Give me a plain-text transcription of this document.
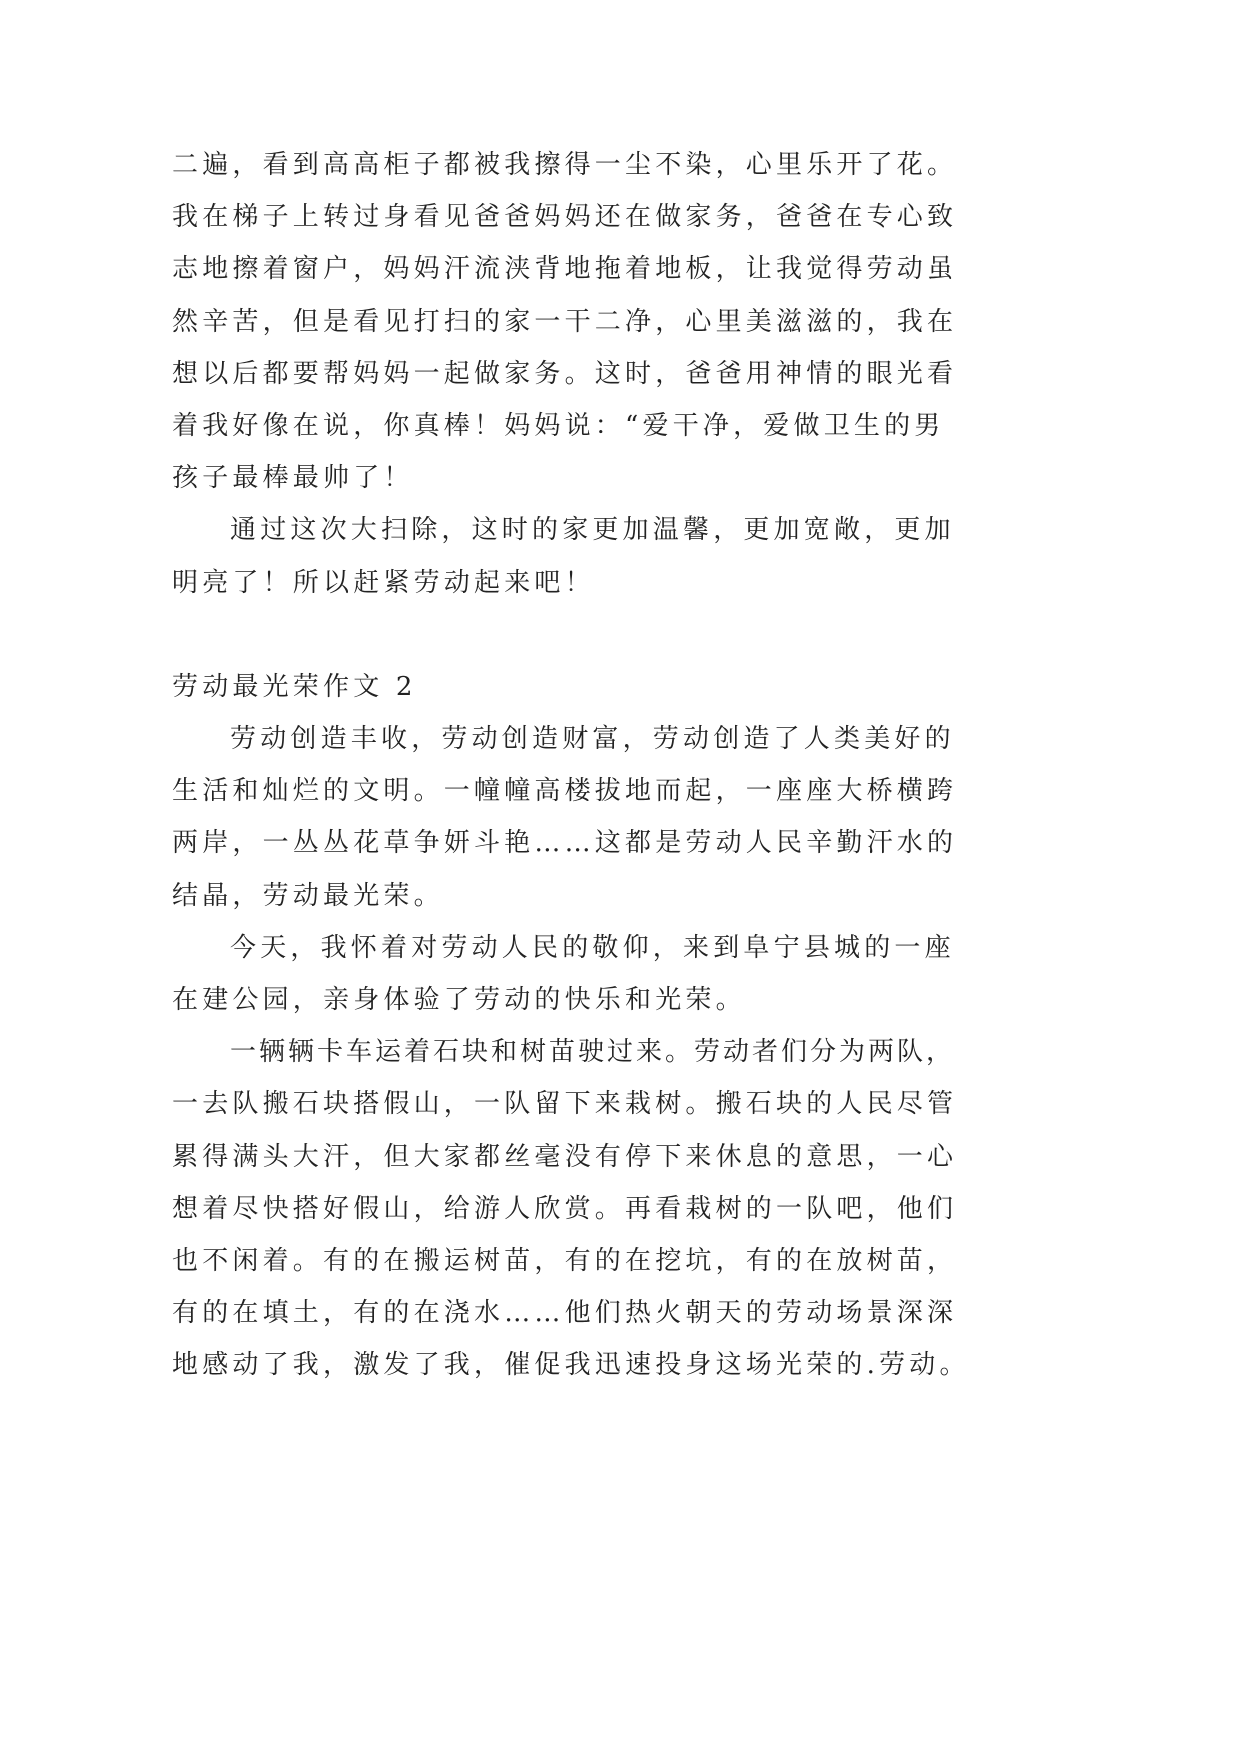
二遍，看到高高柜子都被我擦得一尘不染，心里乐开了花。
我在梯子上转过身看见爸爸妈妈还在做家务，爸爸在专心致
志地擦着窗户，妈妈汗流浃背地拖着地板，让我觉得劳动虽
然辛苦，但是看见打扫的家一干二净，心里美滋滋的，我在
想以后都要帮妈妈一起做家务。这时，爸爸用神情的眼光看
着我好像在说，你真棒！妈妈说：“爱干净，爱做卫生的男
孩子最棒最帅了！
通过这次大扫除，这时的家更加温馨，更加宽敞，更加
明亮了！所以赶紧劳动起来吧！
劳动最光荣作文 2
劳动创造丰收，劳动创造财富，劳动创造了人类美好的
生活和灿烂的文明。一幢幢高楼拔地而起，一座座大桥横跨
两岸，一丛丛花草争妍斗艳……这都是劳动人民辛勤汗水的
结晶，劳动最光荣。
今天，我怀着对劳动人民的敬仰，来到阜宁县城的一座
在建公园，亲身体验了劳动的快乐和光荣。
一辆辆卡车运着石块和树苗驶过来。劳动者们分为两队，
一去队搬石块搭假山，一队留下来栽树。搬石块的人民尽管
累得满头大汗，但大家都丝毫没有停下来休息的意思，一心
想着尽快搭好假山，给游人欣赏。再看栽树的一队吧，他们
也不闲着。有的在搬运树苗，有的在挖坑，有的在放树苗，
有的在填土，有的在浇水……他们热火朝天的劳动场景深深
地感动了我，激发了我，催促我迅速投身这场光荣的.劳动。
